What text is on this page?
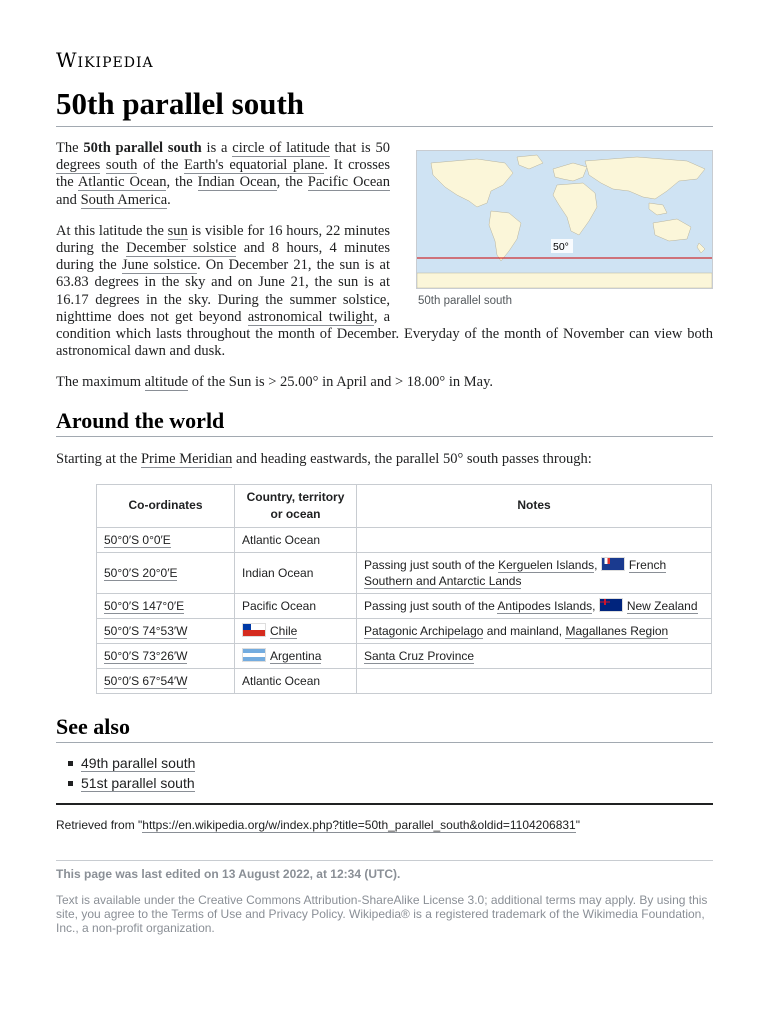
Wikipedia
50th parallel south
50°
50th parallel south

The 50th parallel south is a circle of latitude that is 50 degrees south of the Earth's equatorial plane. It crosses the Atlantic Ocean, the Indian Ocean, the Pacific Ocean and South America.

At this latitude the sun is visible for 16 hours, 22 minutes during the December solstice and 8 hours, 4 minutes during the June solstice. On December 21, the sun is at 63.83 degrees in the sky and on June 21, the sun is at 16.17 degrees in the sky. During the summer solstice, nighttime does not get beyond astronomical twilight, a condition which lasts throughout the month of December. Everyday of the month of November can view both astronomical dawn and dusk.

The maximum altitude of the Sun is > 25.00° in April and > 18.00° in May.

Around the world

Starting at the Prime Meridian and heading eastwards, the parallel 50° south passes through:

Co-ordinates	Country, territory or ocean	Notes
50°0′S 0°0′E	Atlantic Ocean	
50°0′S 20°0′E	Indian Ocean	Passing just south of the Kerguelen Islands,
French Southern and Antarctic Lands
50°0′S 147°0′E	Pacific Ocean	Passing just south of the Antipodes Islands,
New Zealand
50°0′S 74°53′W	Chile	Patagonic Archipelago and mainland, Magallanes Region
50°0′S 73°26′W	Argentina	Santa Cruz Province
50°0′S 67°54′W	Atlantic Ocean	
See also
49th parallel south
51st parallel south
Retrieved from "https://en.wikipedia.org/w/index.php?title=50th_parallel_south&oldid=1104206831"
This page was last edited on 13 August 2022, at 12:34 (UTC).
Text is available under the Creative Commons Attribution-ShareAlike License 3.0; additional terms may apply. By using this site, you agree to the Terms of Use and Privacy Policy. Wikipedia® is a registered trademark of the Wikimedia Foundation, Inc., a non-profit organization.
